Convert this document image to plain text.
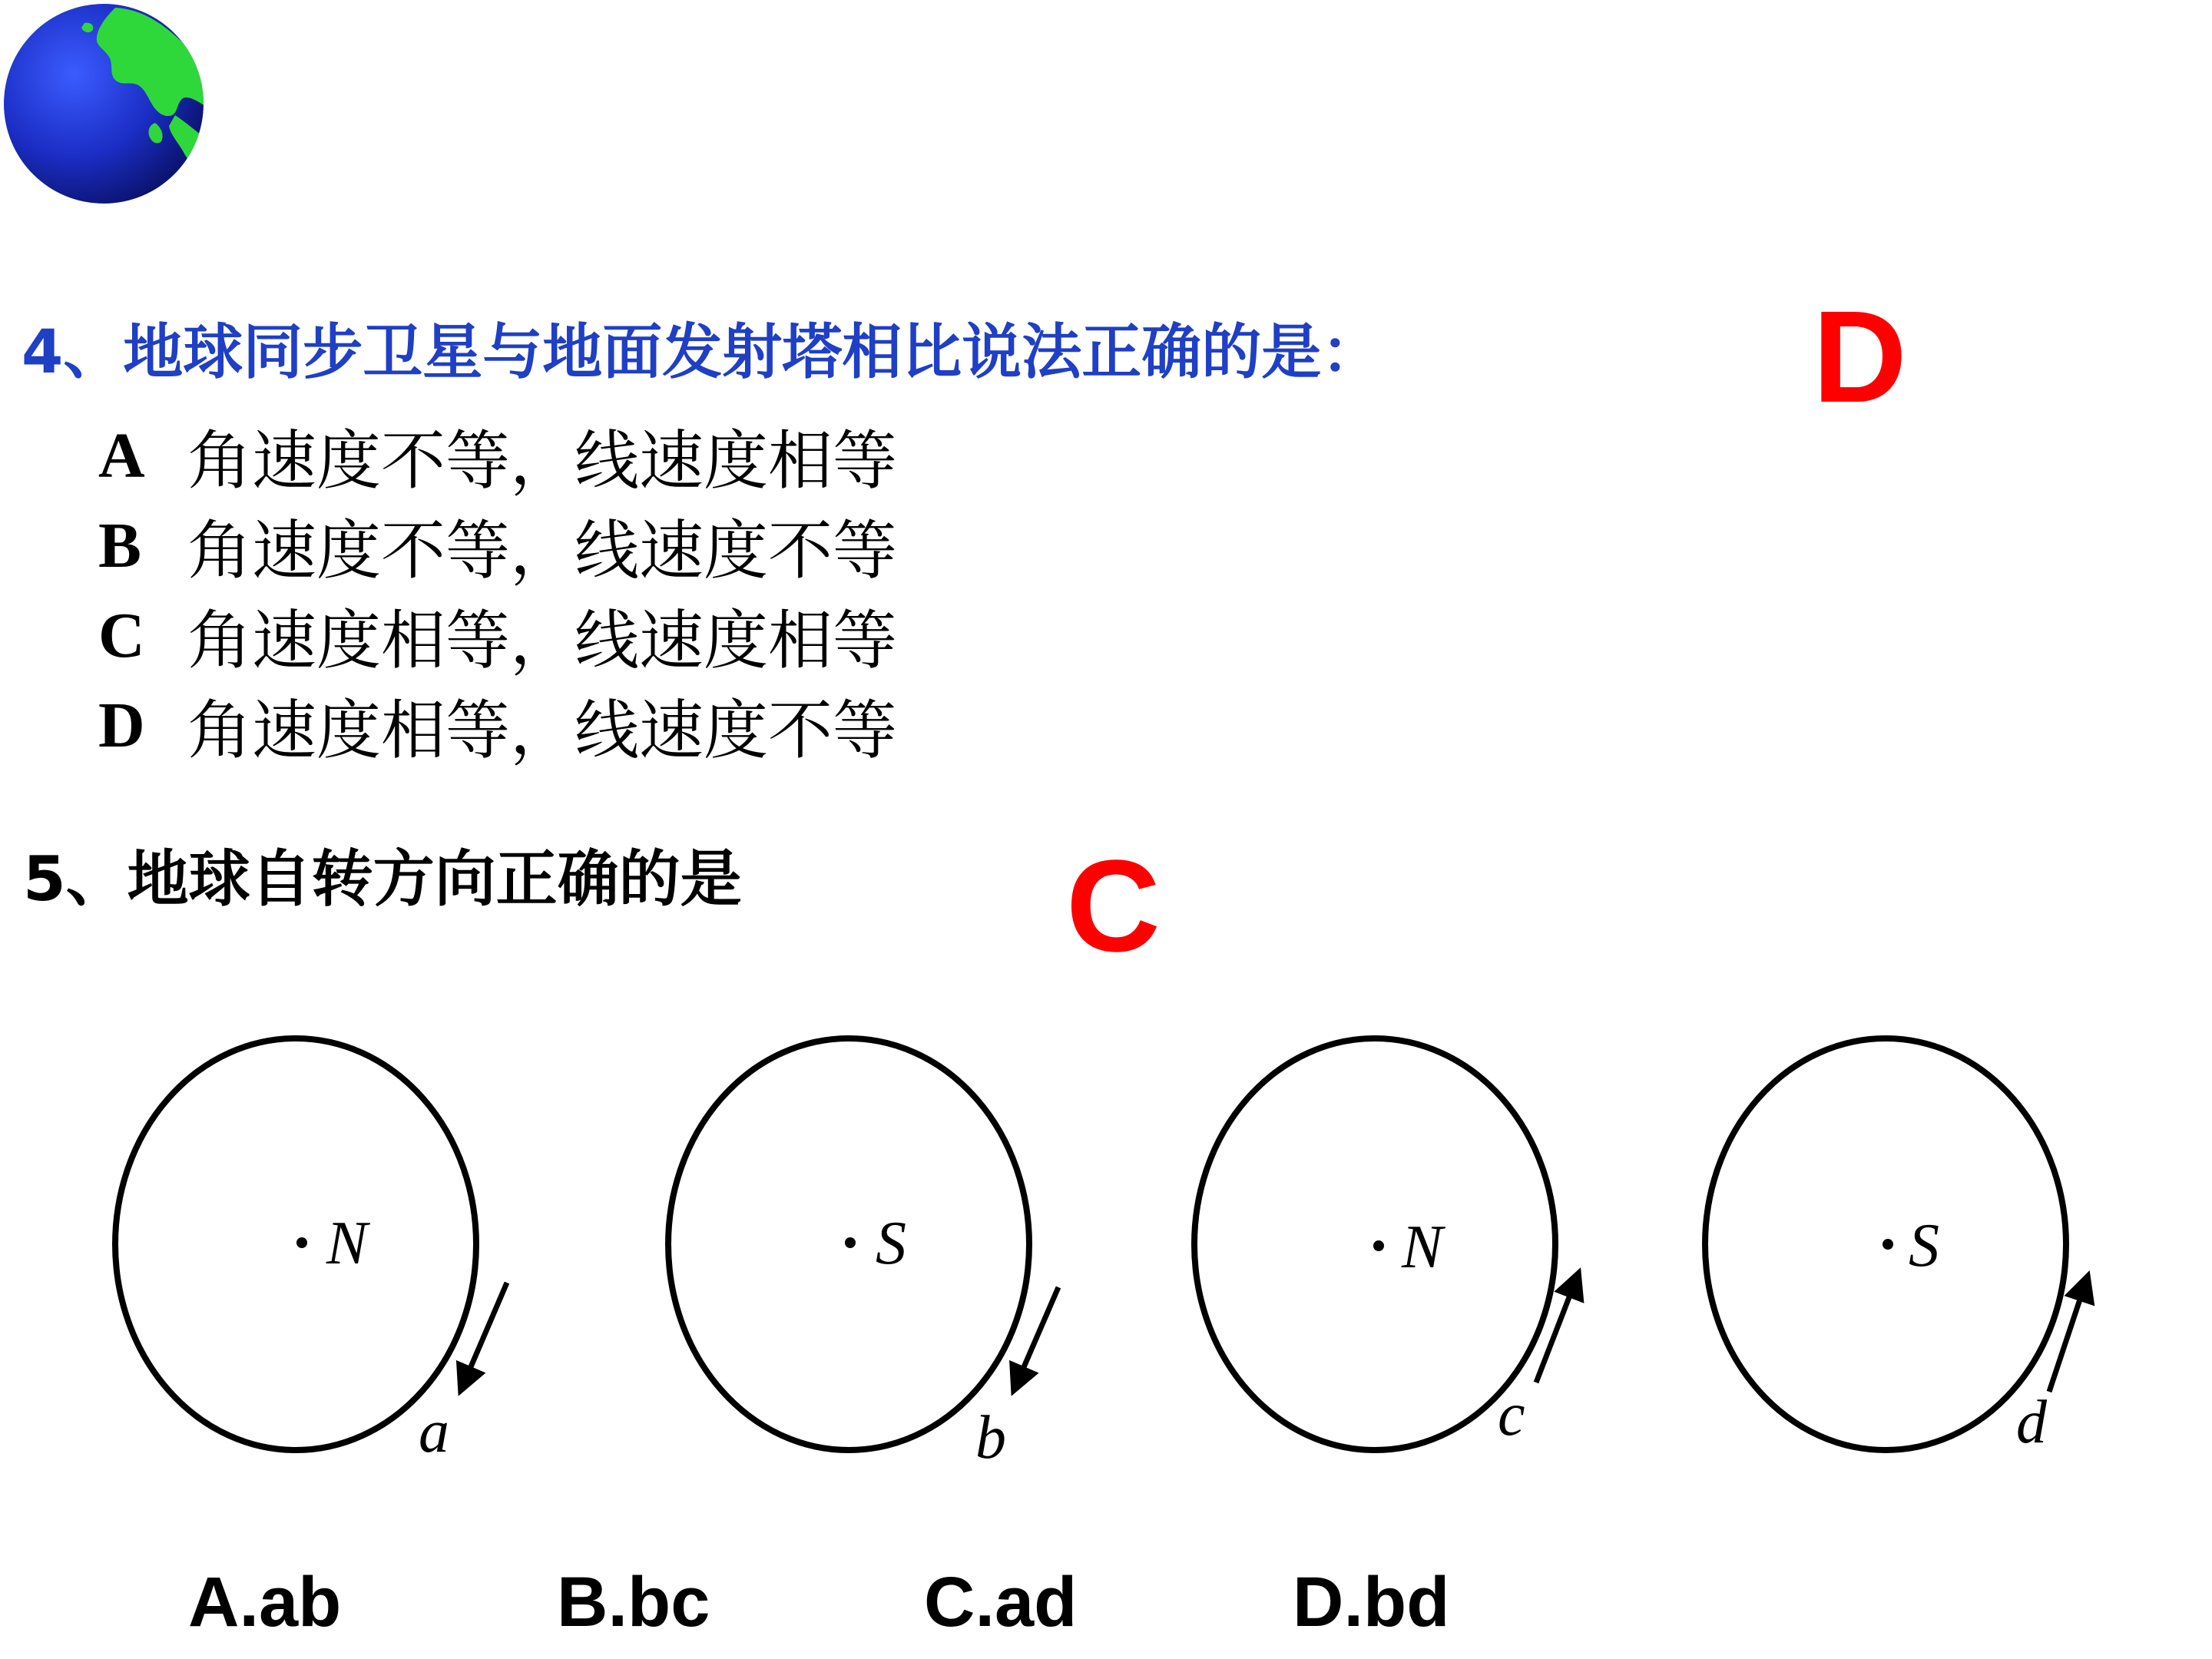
4、地球同步卫星与地面发射塔相比说法正确的是：	D
A 角速度不等，线速度相等
B 角速度不等，线速度不等
C 角速度相等，线速度相等
D 角速度相等，线速度不等
5、地球自转方向正确的是 C
N
a
S
b
N
c
S
d
A.ab	B.bc	C.ad	D.bd
